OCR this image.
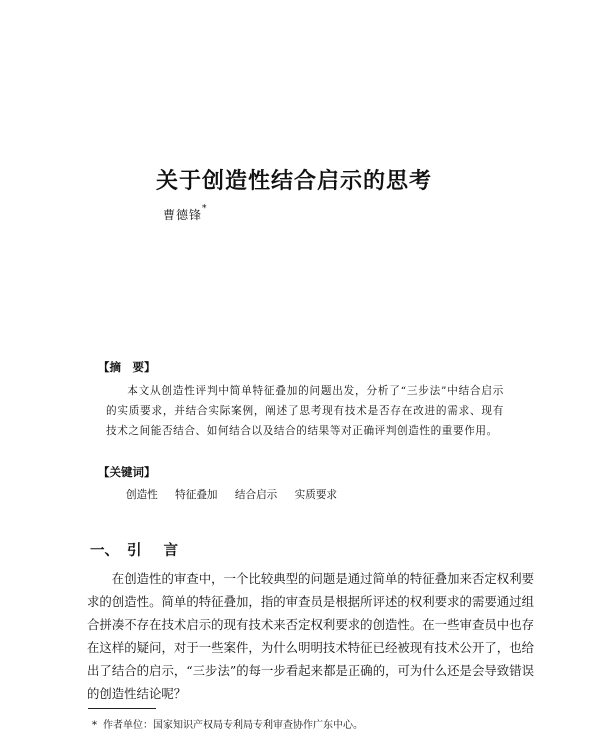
关于创造性结合启示的思考
曹德锋*
【摘　要】
本文从创造性评判中简单特征叠加的问题出发，分析了“三步法”中结合启示的实质要求，并结合实际案例，阐述了思考现有技术是否存在改进的需求、现有技术之间能否结合、如何结合以及结合的结果等对正确评判创造性的重要作用。
【关键词】
创造性 特征叠加 结合启示 实质要求
一、 引 言
在创造性的审查中，一个比较典型的问题是通过简单的特征叠加来否定权利要求的创造性。简单的特征叠加，指的审查员是根据所评述的权利要求的需要通过组合拼凑不存在技术启示的现有技术来否定权利要求的创造性。在一些审查员中也存在这样的疑问，对于一些案件，为什么明明技术特征已经被现有技术公开了，也给出了结合的启示，“三步法”的每一步看起来都是正确的，可为什么还是会导致错误的创造性结论呢？
* 作者单位：国家知识产权局专利局专利审查协作广东中心。
